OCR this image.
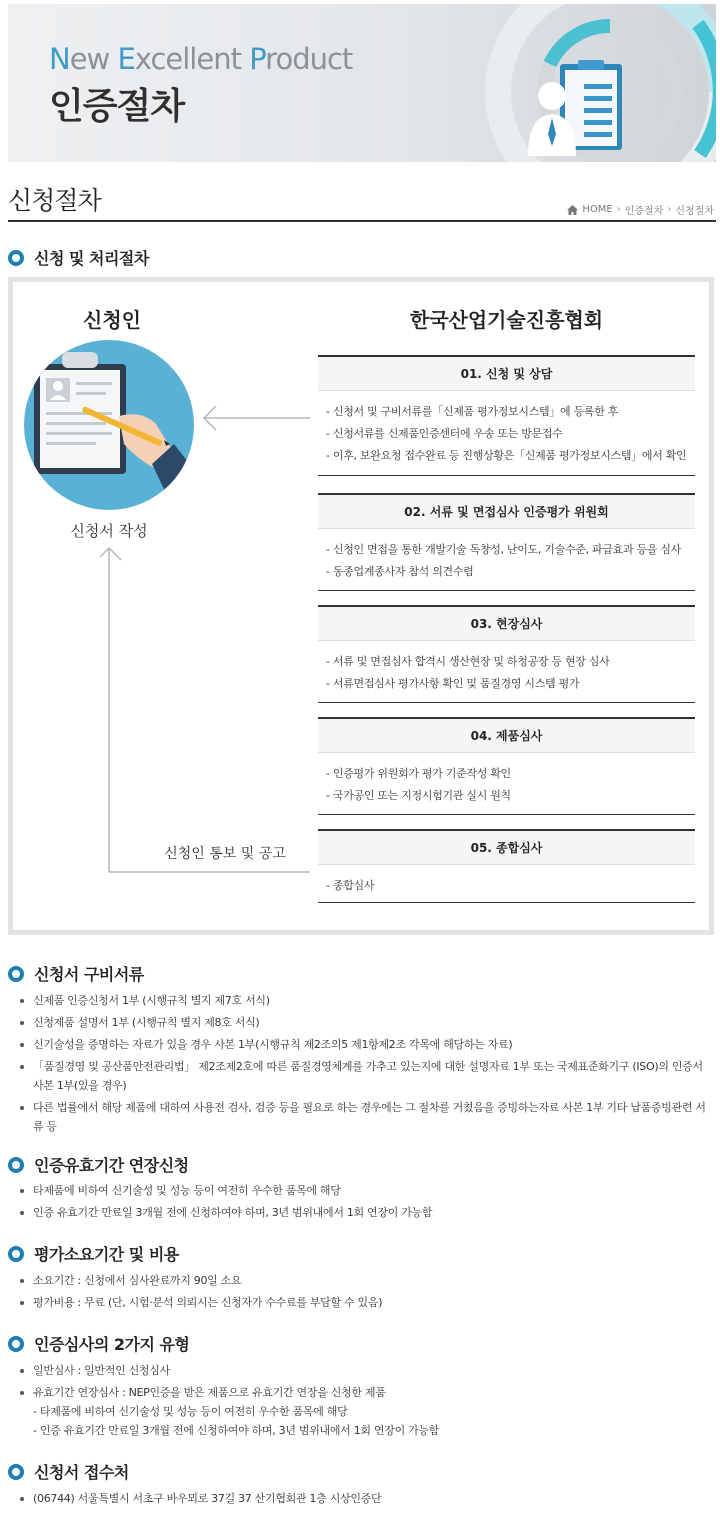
New Excellent Product
인증절차
신청절차	HOME › 인증절차 › 신청절차
신청 및 처리절차
신청인	한국산업기술진흥협회
신청서 작성
신청인 통보 및 공고
01. 신청 및 상담
- 신청서 및 구비서류를「신제품 평가정보시스템」에 등록한 후
- 신청서류를 신제품인증센터에 우송 또는 방문접수
- 이후, 보완요청 접수완료 등 진행상황은「신제품 평가정보시스템」에서 확인
02. 서류 및 면접심사 인증평가 위원회
- 신청인 면접을 통한 개발기술 독창성, 난이도, 기술수준, 파급효과 등을 심사
- 동종업계종사자 참석 의견수렴
03. 현장심사
- 서류 및 면접심사 합격시 생산현장 및 하청공장 등 현장 심사
- 서류면접심사 평가사항 확인 및 품질경영 시스템 평가
04. 제품심사
- 인증평가 위원회가 평가 기준작성 확인
- 국가공인 또는 지정시험기관 실시 원칙
05. 종합심사
- 종합심사
신청서 구비서류
신제품 인증신청서 1부 (시행규칙 별지 제7호 서식)
신청제품 설명서 1부 (시행규칙 별지 제8호 서식)
신기술성을 증명하는 자료가 있을 경우 사본 1부(시행규칙 제2조의5 제1항제2조 각목에 해당하는 자료)
「품질경영 및 공산품안전관리법」 제2조제2호에 따른 품질경영체계를 가추고 있는지에 대한 설명자료 1부 또는 국제표준화기구 (ISO)의 인증서 사본 1부(있을 경우)
다른 법률에서 해당 제품에 대하여 사용전 검사, 검증 등을 필요로 하는 경우에는 그 절차를 거쳤음을 증빙하는자료 사본 1부 기타 납품증빙관련 서류 등
인증유효기간 연장신청
타제품에 비하여 신기술성 및 성능 등이 여전히 우수한 품목에 해당
인증 유효기간 만료일 3개월 전에 신청하여야 하며, 3년 범위내에서 1회 연장이 가능함
평가소요기간 및 비용
소요기간 : 신청에서 심사완료까지 90일 소요
평가비용 : 무료 (단, 시험·분석 의뢰시는 신청자가 수수료를 부담할 수 있음)
인증심사의 2가지 유형
일반심사 : 일반적인 신청심사
유효기간 연장심사 : NEP인증을 받은 제품으로 유효기간 연장을 신청한 제품
- 타제품에 비하여 신기술성 및 성능 등이 여전히 우수한 품목에 해당
- 인증 유효기간 만료일 3개월 전에 신청하여야 하며, 3년 범위내에서 1회 연장이 가능함
신청서 접수처
(06744) 서울특별시 서초구 바우뫼로 37길 37 산기협회관 1층 시상인증단
